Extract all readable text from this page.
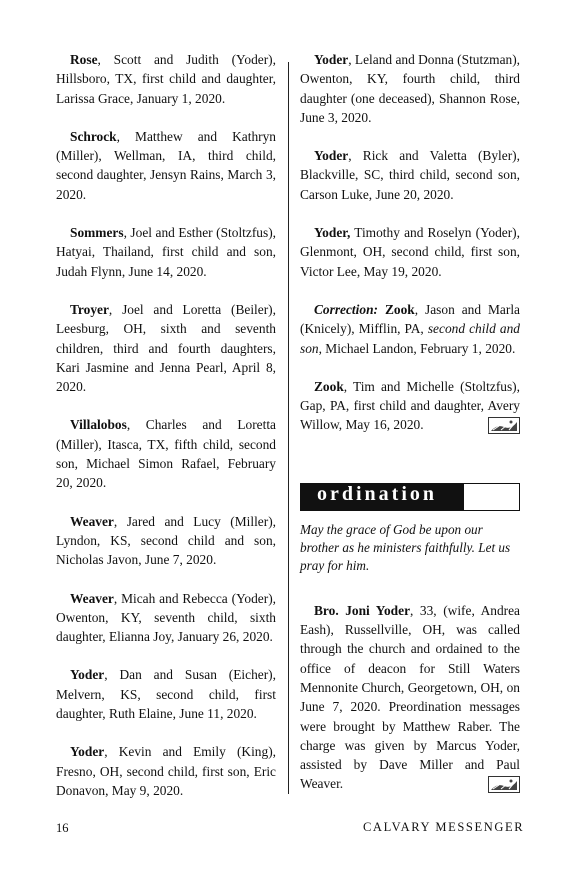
Rose, Scott and Judith (Yoder), Hillsboro, TX, first child and daughter, Larissa Grace, January 1, 2020.

Schrock, Matthew and Kathryn (Miller), Wellman, IA, third child, second daughter, Jensyn Rains, March 3, 2020.

Sommers, Joel and Esther (Stoltzfus), Hatyai, Thailand, first child and son, Judah Flynn, June 14, 2020.

Troyer, Joel and Loretta (Beiler), Leesburg, OH, sixth and seventh children, third and fourth daughters, Kari Jasmine and Jenna Pearl, April 8, 2020.

Villalobos, Charles and Loretta (Miller), Itasca, TX, fifth child, second son, Michael Simon Rafael, February 20, 2020.

Weaver, Jared and Lucy (Miller), Lyndon, KS, second child and son, Nicholas Javon, June 7, 2020.

Weaver, Micah and Rebecca (Yoder), Owenton, KY, seventh child, sixth daughter, Elianna Joy, January 26, 2020.

Yoder, Dan and Susan (Eicher), Melvern, KS, second child, first daughter, Ruth Elaine, June 11, 2020.

Yoder, Kevin and Emily (King), Fresno, OH, second child, first son, Eric Donavon, May 9, 2020.

Yoder, Leland and Donna (Stutzman), Owenton, KY, fourth child, third daughter (one deceased), Shannon Rose, June 3, 2020.

Yoder, Rick and Valetta (Byler), Blackville, SC, third child, second son, Carson Luke, June 20, 2020.

Yoder, Timothy and Roselyn (Yoder), Glenmont, OH, second child, first son, Victor Lee, May 19, 2020.

Correction: Zook, Jason and Marla (Knicely), Mifflin, PA, second child and son, Michael Landon, February 1, 2020.

Zook, Tim and Michelle (Stoltzfus), Gap, PA, first child and daughter, Avery Willow, May 16, 2020.

ordination

May the grace of God be upon our brother as he ministers faithfully. Let us pray for him.

Bro. Joni Yoder, 33, (wife, Andrea Eash), Russellville, OH, was called through the church and ordained to the office of deacon for Still Waters Mennonite Church, Georgetown, OH, on June 7, 2020. Preordination messages were brought by Matthew Raber. The charge was given by Marcus Yoder, assisted by Dave Miller and Paul Weaver.

16	CALVARY MESSENGER
